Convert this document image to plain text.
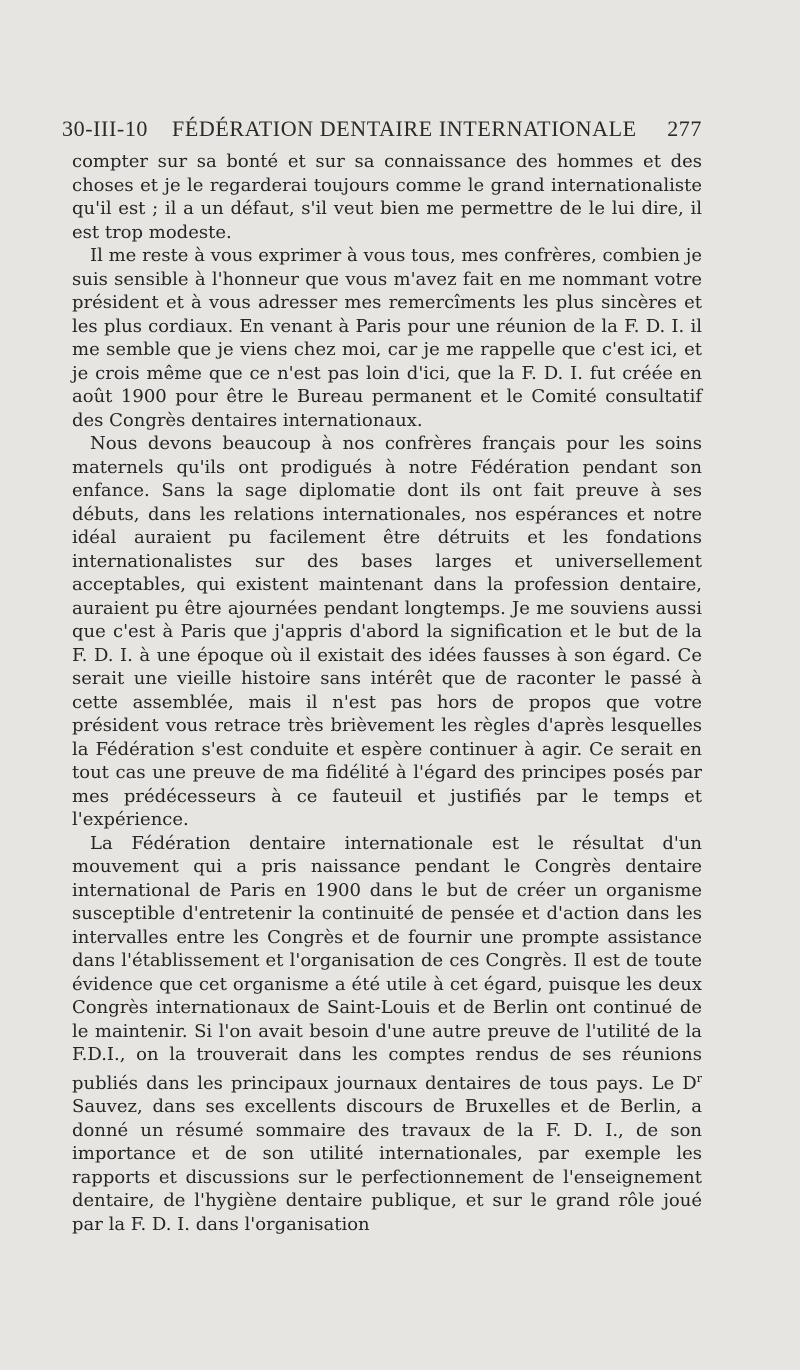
30-III-10 FÉDÉRATION DENTAIRE INTERNATIONALE 277

compter sur sa bonté et sur sa connaissance des hommes et des choses et je le regarderai toujours comme le grand internationaliste qu'il est ; il a un défaut, s'il veut bien me permettre de le lui dire, il est trop modeste.

Il me reste à vous exprimer à vous tous, mes confrères, combien je suis sensible à l'honneur que vous m'avez fait en me nommant votre président et à vous adresser mes remercîments les plus sincères et les plus cordiaux. En venant à Paris pour une réunion de la F. D. I. il me semble que je viens chez moi, car je me rappelle que c'est ici, et je crois même que ce n'est pas loin d'ici, que la F. D. I. fut créée en août 1900 pour être le Bureau permanent et le Comité consultatif des Congrès dentaires internationaux.

Nous devons beaucoup à nos confrères français pour les soins maternels qu'ils ont prodigués à notre Fédération pendant son enfance. Sans la sage diplomatie dont ils ont fait preuve à ses débuts, dans les relations internationales, nos espérances et notre idéal auraient pu facilement être détruits et les fondations internationalistes sur des bases larges et universellement acceptables, qui existent maintenant dans la profession dentaire, auraient pu être ajournées pendant longtemps. Je me souviens aussi que c'est à Paris que j'appris d'abord la signification et le but de la F. D. I. à une époque où il existait des idées fausses à son égard. Ce serait une vieille histoire sans intérêt que de raconter le passé à cette assemblée, mais il n'est pas hors de propos que votre président vous retrace très brièvement les règles d'après lesquelles la Fédération s'est conduite et espère continuer à agir. Ce serait en tout cas une preuve de ma fidélité à l'égard des principes posés par mes prédécesseurs à ce fauteuil et justifiés par le temps et l'expérience.

La Fédération dentaire internationale est le résultat d'un mouvement qui a pris naissance pendant le Congrès dentaire international de Paris en 1900 dans le but de créer un organisme susceptible d'entretenir la continuité de pensée et d'action dans les intervalles entre les Congrès et de fournir une prompte assistance dans l'établissement et l'organisation de ces Congrès. Il est de toute évidence que cet organisme a été utile à cet égard, puisque les deux Congrès internationaux de Saint-Louis et de Berlin ont continué de le maintenir. Si l'on avait besoin d'une autre preuve de l'utilité de la F.D.I., on la trouverait dans les comptes rendus de ses réunions publiés dans les principaux journaux dentaires de tous pays. Le $D^r$ Sauvez, dans ses excellents discours de Bruxelles et de Berlin, a donné un résumé sommaire des travaux de la F. D. I., de son importance et de son utilité internationales, par exemple les rapports et discussions sur le perfectionnement de l'enseignement dentaire, de l'hygiène dentaire publique, et sur le grand rôle joué par la F. D. I. dans l'organisation
